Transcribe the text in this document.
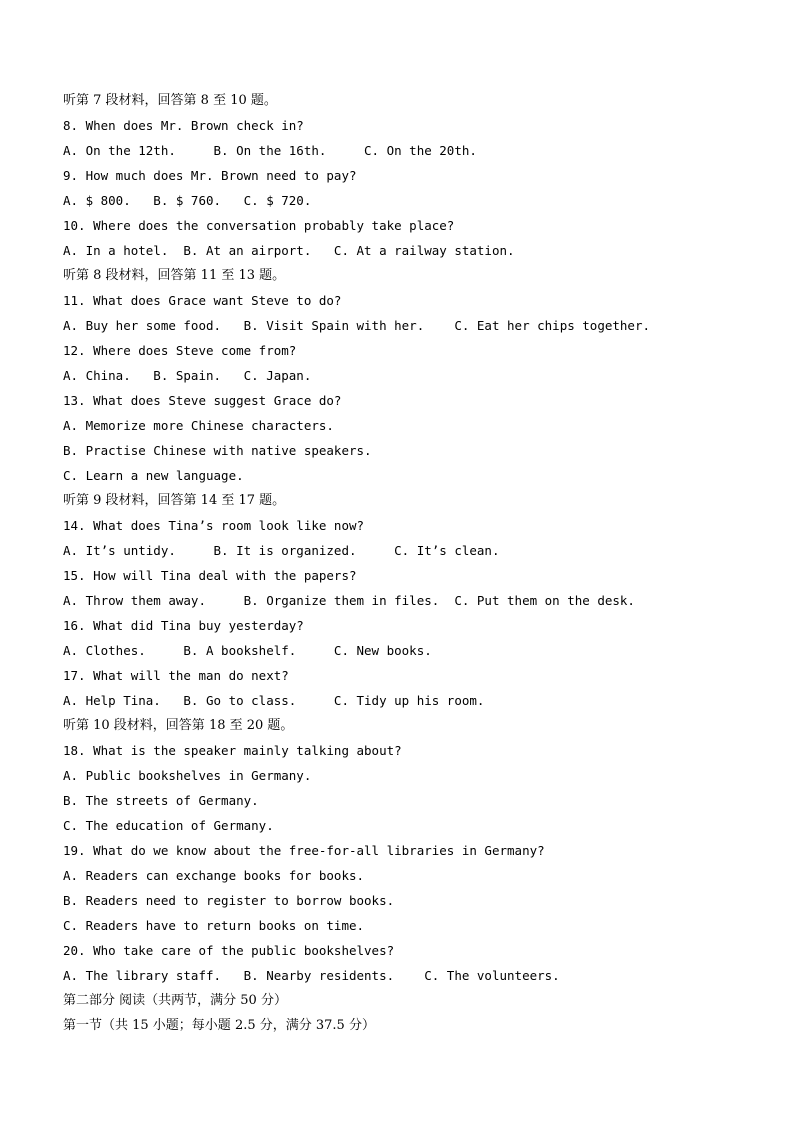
听第 7 段材料，回答第 8 至 10 题。
8. When does Mr. Brown check in?
A. On the 12th.     B. On the 16th.     C. On the 20th.
9. How much does Mr. Brown need to pay?
A. $ 800.   B. $ 760.   C. $ 720.
10. Where does the conversation probably take place?
A. In a hotel.  B. At an airport.   C. At a railway station.
听第 8 段材料，回答第 11 至 13 题。
11. What does Grace want Steve to do?
A. Buy her some food.   B. Visit Spain with her.    C. Eat her chips together.
12. Where does Steve come from?
A. China.   B. Spain.   C. Japan.
13. What does Steve suggest Grace do?
A. Memorize more Chinese characters.
B. Practise Chinese with native speakers.
C. Learn a new language.
听第 9 段材料，回答第 14 至 17 题。
14. What does Tina’s room look like now?
A. It’s untidy.     B. It is organized.     C. It’s clean.
15. How will Tina deal with the papers?
A. Throw them away.     B. Organize them in files.  C. Put them on the desk.
16. What did Tina buy yesterday?
A. Clothes.     B. A bookshelf.     C. New books.
17. What will the man do next?
A. Help Tina.   B. Go to class.     C. Tidy up his room.
听第 10 段材料，回答第 18 至 20 题。
18. What is the speaker mainly talking about?
A. Public bookshelves in Germany.
B. The streets of Germany.
C. The education of Germany.
19. What do we know about the free-for-all libraries in Germany?
A. Readers can exchange books for books.
B. Readers need to register to borrow books.
C. Readers have to return books on time.
20. Who take care of the public bookshelves?
A. The library staff.   B. Nearby residents.    C. The volunteers.
第二部分 阅读（共两节，满分 50 分）
第一节（共 15 小题；每小题 2.5 分，满分 37.5 分）
